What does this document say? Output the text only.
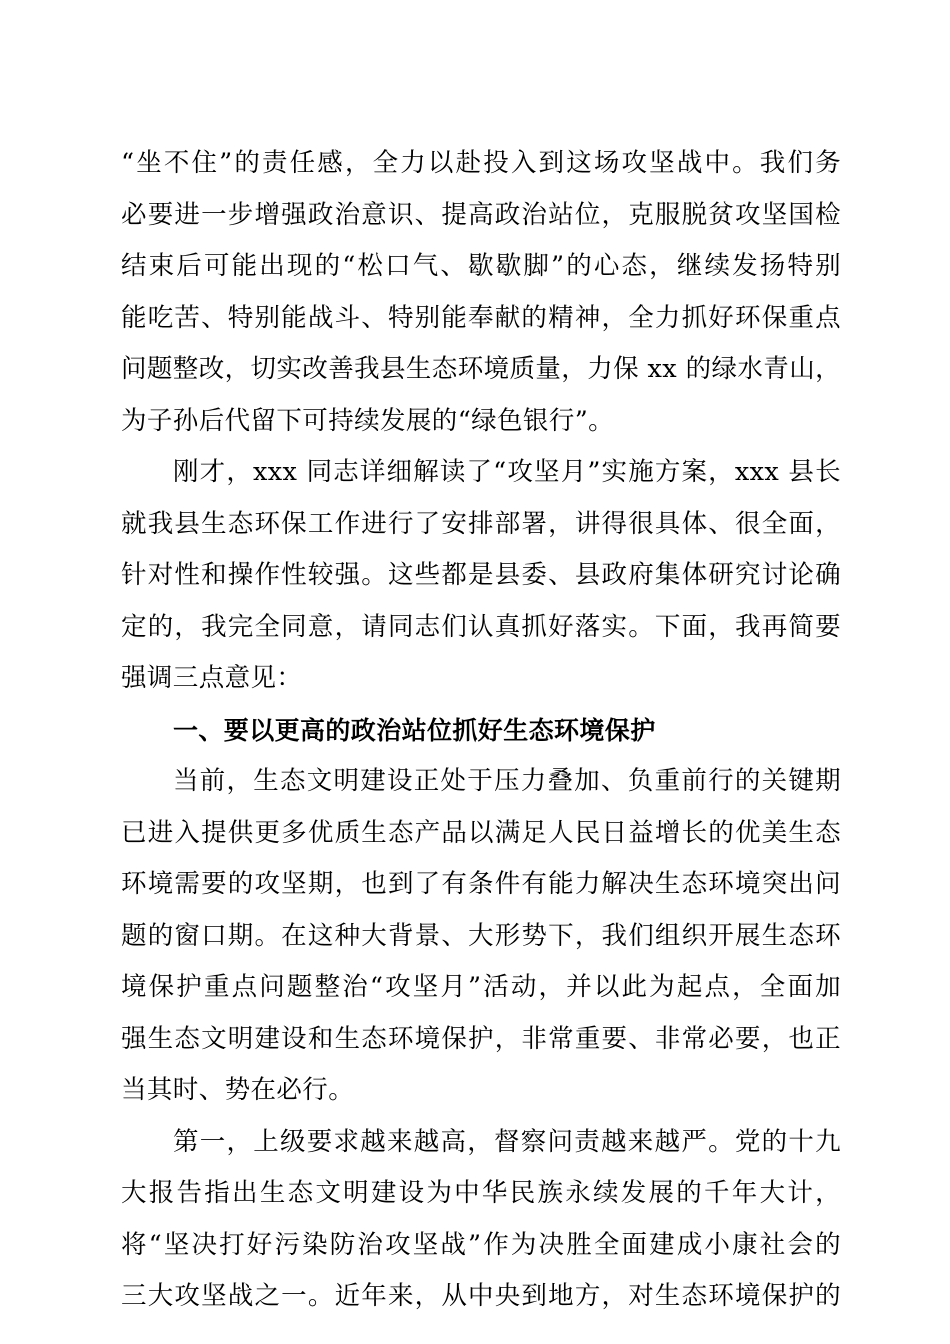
“坐不住”的责任感，全力以赴投入到这场攻坚战中。我们务
必要进一步增强政治意识、提高政治站位，克服脱贫攻坚国检
结束后可能出现的“松口气、歇歇脚”的心态，继续发扬特别
能吃苦、特别能战斗、特别能奉献的精神，全力抓好环保重点
问题整改，切实改善我县生态环境质量，力保 xx 的绿水青山，
为子孙后代留下可持续发展的“绿色银行”。
刚才，xxx 同志详细解读了“攻坚月”实施方案，xxx 县长
就我县生态环保工作进行了安排部署，讲得很具体、很全面，
针对性和操作性较强。这些都是县委、县政府集体研究讨论确
定的，我完全同意，请同志们认真抓好落实。下面，我再简要
强调三点意见：
一、要以更高的政治站位抓好生态环境保护
当前，生态文明建设正处于压力叠加、负重前行的关键期
已进入提供更多优质生态产品以满足人民日益增长的优美生态
环境需要的攻坚期，也到了有条件有能力解决生态环境突出问
题的窗口期。在这种大背景、大形势下，我们组织开展生态环
境保护重点问题整治“攻坚月”活动，并以此为起点，全面加
强生态文明建设和生态环境保护，非常重要、非常必要，也正
当其时、势在必行。
第一，上级要求越来越高，督察问责越来越严。党的十九
大报告指出生态文明建设为中华民族永续发展的千年大计，
将“坚决打好污染防治攻坚战”作为决胜全面建成小康社会的
三大攻坚战之一。近年来，从中央到地方，对生态环境保护的
